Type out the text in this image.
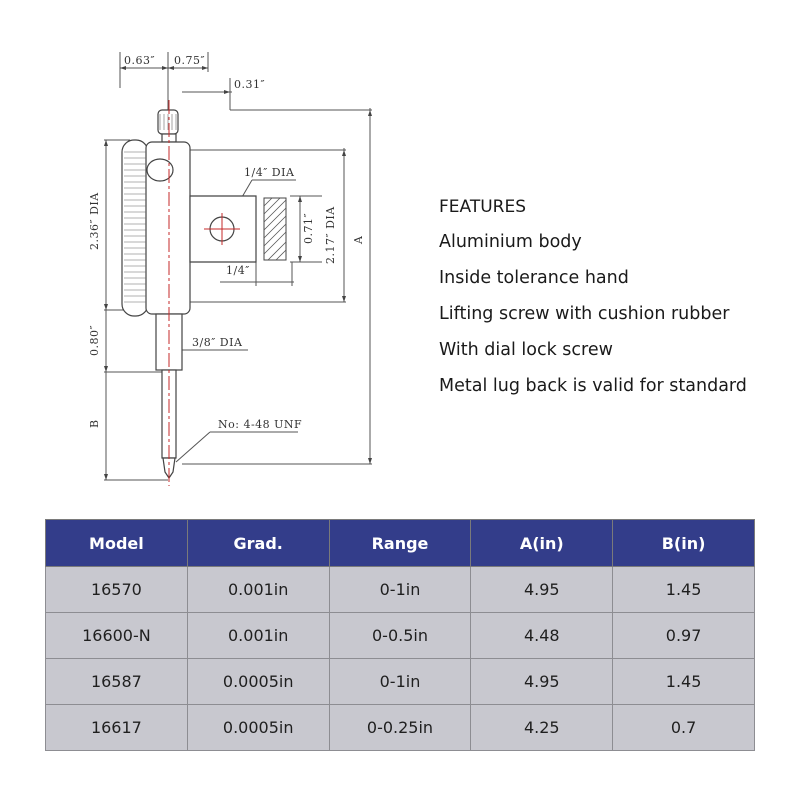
0.63″ 0.75″
0.31″
1/4″ DIA
2.36″ DIA	0.71″ 2.17″ DIA A
1/4″
0.80″	3/8″ DIA
B	No: 4-48 UNF
FEATURES
Aluminium body
Inside tolerance hand
Lifting screw with cushion rubber
With dial lock screw
Metal lug back is valid for standard
Model	Grad.	Range	A(in)	B(in)
16570	0.001in	0-1in	4.95	1.45
16600-N	0.001in	0-0.5in	4.48	0.97
16587	0.0005in	0-1in	4.95	1.45
16617	0.0005in	0-0.25in	4.25	0.7
